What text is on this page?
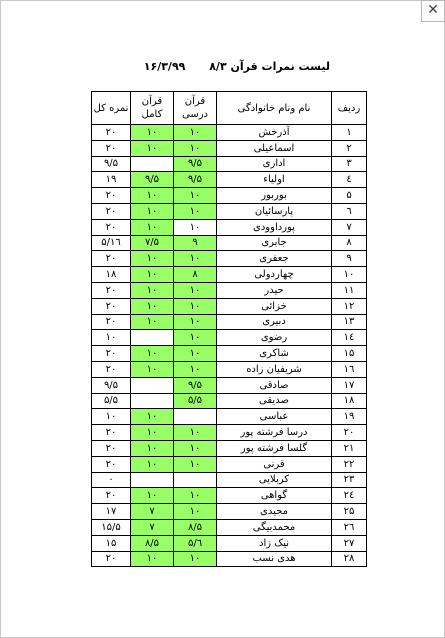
✕
لیست نمرات قرآن ۸/۳ ۱۶/۳/۹۹
ردیف	نام ونام خانوادگی	قرآن درسی	قرآن کامل	نمره کل
۱	آذرخش	۱۰	۱۰	۲۰
۲	اسماعیلی	۱۰	۱۰	۲۰
۳	اداری	۹/۵		۹/۵
٤	اولیاء	۹/۵	۹/۵	۱۹
۵	بوربور	۱۰	۱۰	۲۰
٦	پارسائیان	۱۰	۱۰	۲۰
۷	پورداوودی	۱۰	۱۰	۲۰
۸	جابری	۹	۷/۵	۱٦/۵
۹	جعفری	۱۰	۱۰	۲۰
۱۰	چهاردولی	۸	۱۰	۱۸
۱۱	حیدر	۱۰	۱۰	۲۰
۱۲	خزائی	۱۰	۱۰	۲۰
۱۳	دبیری	۱۰	۱۰	۲۰
۱٤	رضوی	۱۰		۱۰
۱۵	شاکری	۱۰	۱۰	۲۰
۱٦	شریفیان زاده	۱۰	۱۰	۲۰
۱۷	صادقی	۹/۵		۹/۵
۱۸	صدیقی	۵/۵		۵/۵
۱۹	عباسی		۱۰	۱۰
۲۰	درسا فرشته پور	۱۰	۱۰	۲۰
۲۱	گلسا فرشته پور	۱۰	۱۰	۲۰
۲۲	قرنی	۱۰	۱۰	۲۰
۲۳	کربلایی			۰
۲٤	گواهی	۱۰	۱۰	۲۰
۲۵	مجیدی	۱۰	۷	۱۷
۲٦	محمدبیگی	۸/۵	۷	۱۵/۵
۲۷	نیک زاد	٦/۵	۸/۵	۱۵
۲۸	هدی نسب	۱۰	۱۰	۲۰
